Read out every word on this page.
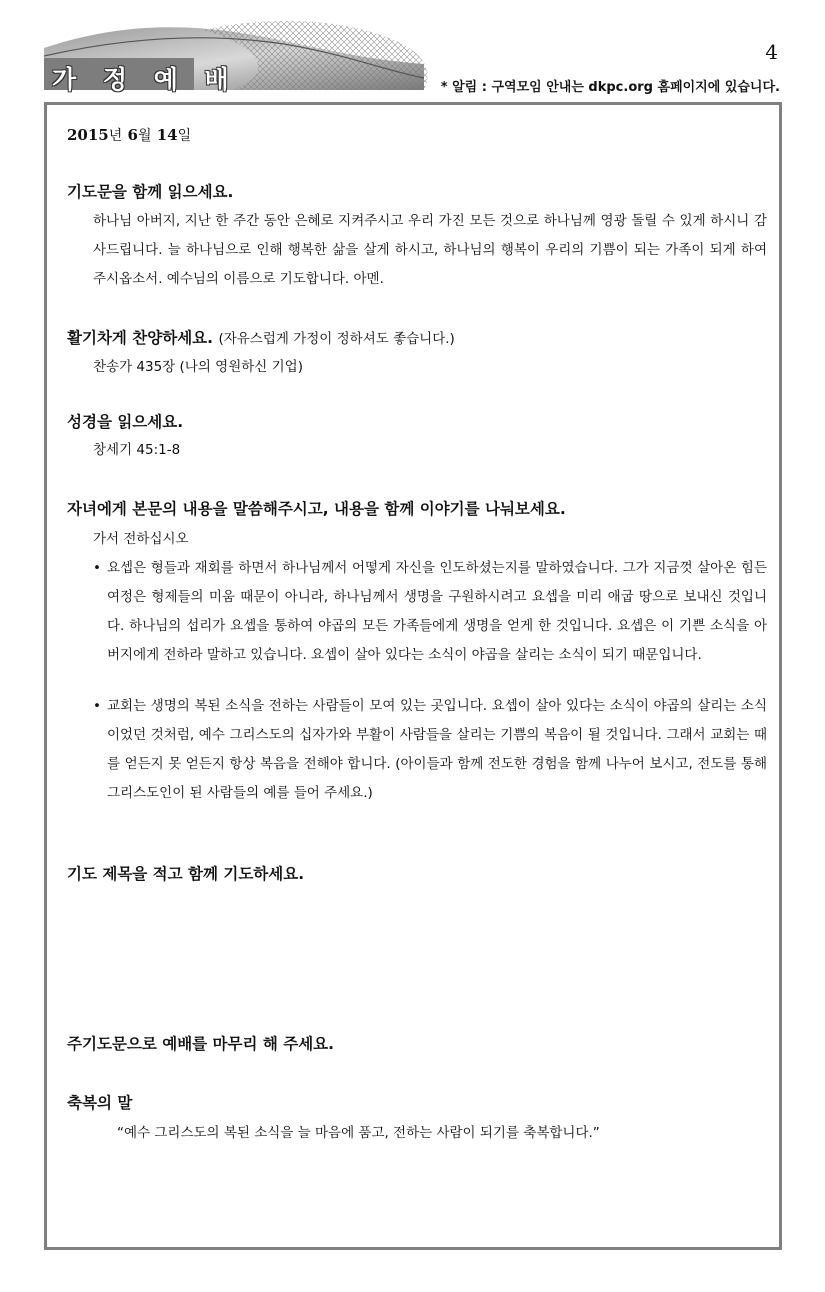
가 정 예 배
4
* 알림 : 구역모임 안내는 dkpc.org 홈페이지에 있습니다.
2015년 6월 14일

기도문을 함께 읽으세요.

하나님 아버지, 지난 한 주간 동안 은혜로 지켜주시고 우리 가진 모든 것으로 하나님께 영광 돌릴 수 있게 하시니 감사드립니다. 늘 하나님으로 인해 행복한 삶을 살게 하시고, 하나님의 행복이 우리의 기쁨이 되는 가족이 되게 하여 주시옵소서. 예수님의 이름으로 기도합니다. 아멘.

활기차게 찬양하세요. (자유스럽게 가정이 정하셔도 좋습니다.)

찬송가 435장 (나의 영원하신 기업)

성경을 읽으세요.

창세기 45:1-8

자녀에게 본문의 내용을 말씀해주시고, 내용을 함께 이야기를 나눠보세요.

가서 전하십시오

• 요셉은 형들과 재회를 하면서 하나님께서 어떻게 자신을 인도하셨는지를 말하였습니다. 그가 지금껏 살아온 힘든 여정은 형제들의 미움 때문이 아니라, 하나님께서 생명을 구원하시려고 요셉을 미리 애굽 땅으로 보내신 것입니다. 하나님의 섭리가 요셉을 통하여 야곱의 모든 가족들에게 생명을 얻게 한 것입니다. 요셉은 이 기쁜 소식을 아버지에게 전하라 말하고 있습니다. 요셉이 살아 있다는 소식이 야곱을 살리는 소식이 되기 때문입니다.
• 교회는 생명의 복된 소식을 전하는 사람들이 모여 있는 곳입니다. 요셉이 살아 있다는 소식이 야곱의 살리는 소식이었던 것처럼, 예수 그리스도의 십자가와 부활이 사람들을 살리는 기쁨의 복음이 될 것입니다. 그래서 교회는 때를 얻든지 못 얻든지 항상 복음을 전해야 합니다. (아이들과 함께 전도한 경험을 함께 나누어 보시고, 전도를 통해 그리스도인이 된 사람들의 예를 들어 주세요.)

기도 제목을 적고 함께 기도하세요.

주기도문으로 예배를 마무리 해 주세요.

축복의 말

“예수 그리스도의 복된 소식을 늘 마음에 품고, 전하는 사람이 되기를 축복합니다.”
